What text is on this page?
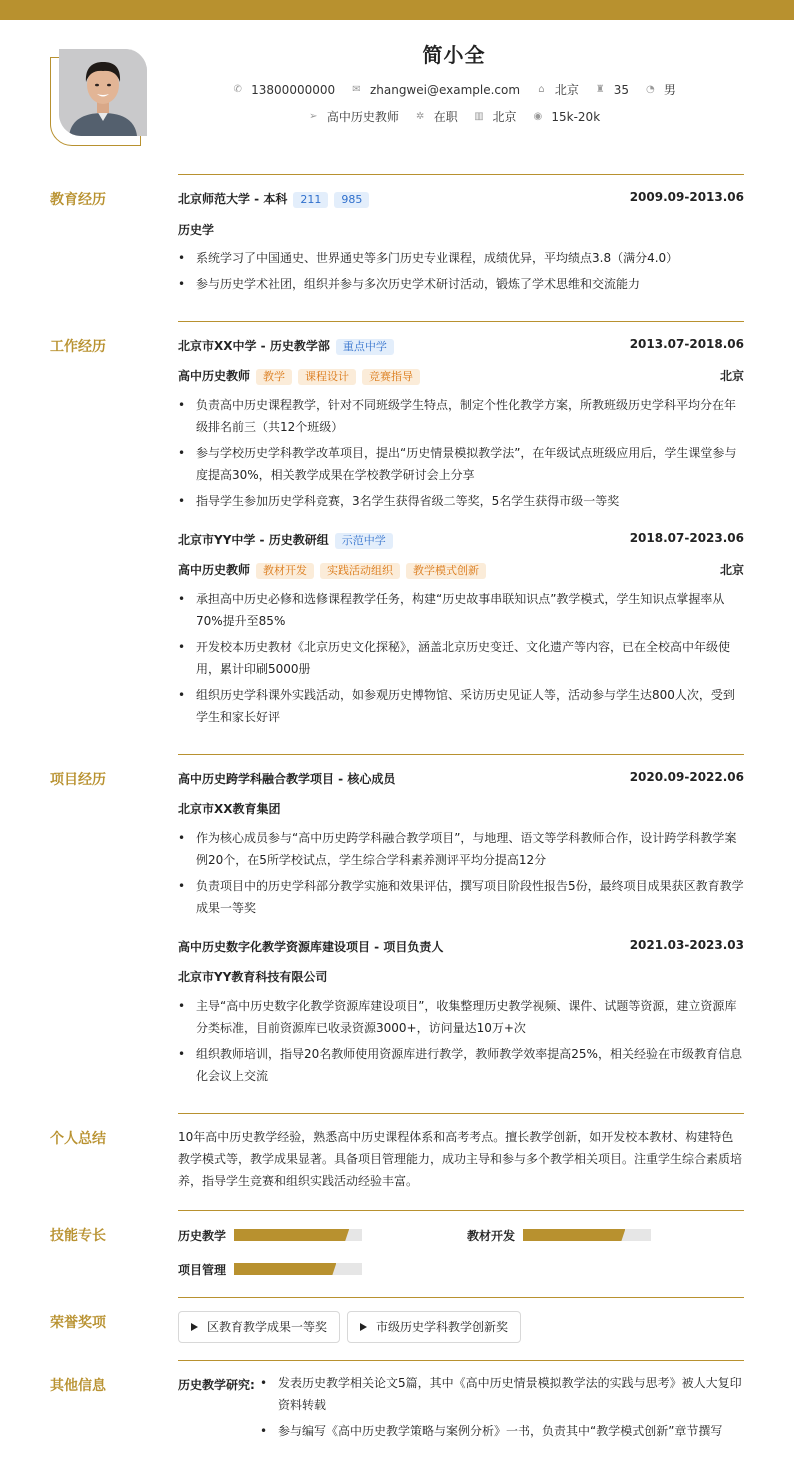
简小全
✆ 13800000000
✉ zhangwei@example.com
⌂ 北京
♜ 35
◔ 男
➢ 高中历史教师
✲ 在职
▥ 北京
◉ 15k-20k
教育经历	北京师范大学 - 本科 211 985	2009.09-2013.06
历史学
• 系统学习了中国通史、世界通史等多门历史专业课程，成绩优异，平均绩点3.8（满分4.0）
• 参与历史学术社团，组织并参与多次历史学术研讨活动，锻炼了学术思维和交流能力
工作经历	北京市XX中学 - 历史教学部 重点中学	2013.07-2018.06
高中历史教师 教学 课程设计 竞赛指导	北京
• 负责高中历史课程教学，针对不同班级学生特点，制定个性化教学方案，所教班级历史学科平均分在年级排名前三（共12个班级）
• 参与学校历史学科教学改革项目，提出“历史情景模拟教学法”，在年级试点班级应用后，学生课堂参与度提高30%，相关教学成果在学校教学研讨会上分享
• 指导学生参加历史学科竞赛，3名学生获得省级二等奖，5名学生获得市级一等奖
北京市YY中学 - 历史教研组 示范中学	2018.07-2023.06
高中历史教师 教材开发 实践活动组织 教学模式创新	北京
• 承担高中历史必修和选修课程教学任务，构建“历史故事串联知识点”教学模式，学生知识点掌握率从70%提升至85%
• 开发校本历史教材《北京历史文化探秘》，涵盖北京历史变迁、文化遗产等内容，已在全校高中年级使用，累计印刷5000册
• 组织历史学科课外实践活动，如参观历史博物馆、采访历史见证人等，活动参与学生达800人次，受到学生和家长好评
项目经历	高中历史跨学科融合教学项目 - 核心成员	2020.09-2022.06
北京市XX教育集团
• 作为核心成员参与“高中历史跨学科融合教学项目”，与地理、语文等学科教师合作，设计跨学科教学案例20个，在5所学校试点，学生综合学科素养测评平均分提高12分
• 负责项目中的历史学科部分教学实施和效果评估，撰写项目阶段性报告5份，最终项目成果获区教育教学成果一等奖
高中历史数字化教学资源库建设项目 - 项目负责人	2021.03-2023.03
北京市YY教育科技有限公司
• 主导“高中历史数字化教学资源库建设项目”，收集整理历史教学视频、课件、试题等资源，建立资源库分类标准，目前资源库已收录资源3000+，访问量达10万+次
• 组织教师培训，指导20名教师使用资源库进行教学，教师教学效率提高25%，相关经验在市级教育信息化会议上交流
个人总结	10年高中历史教学经验，熟悉高中历史课程体系和高考考点。擅长教学创新，如开发校本教材、构建特色教学模式等，教学成果显著。具备项目管理能力，成功主导和参与多个教学相关项目。注重学生综合素质培养，指导学生竞赛和组织实践活动经验丰富。
技能专长	历史教学	教材开发
项目管理
荣誉奖项	区教育教学成果一等奖	市级历史学科教学创新奖
其他信息	历史教学研究:
•	发表历史教学相关论文5篇，其中《高中历史情景模拟教学法的实践与思考》被人大复印资料转载
• 参与编写《高中历史教学策略与案例分析》一书，负责其中“教学模式创新”章节撰写
